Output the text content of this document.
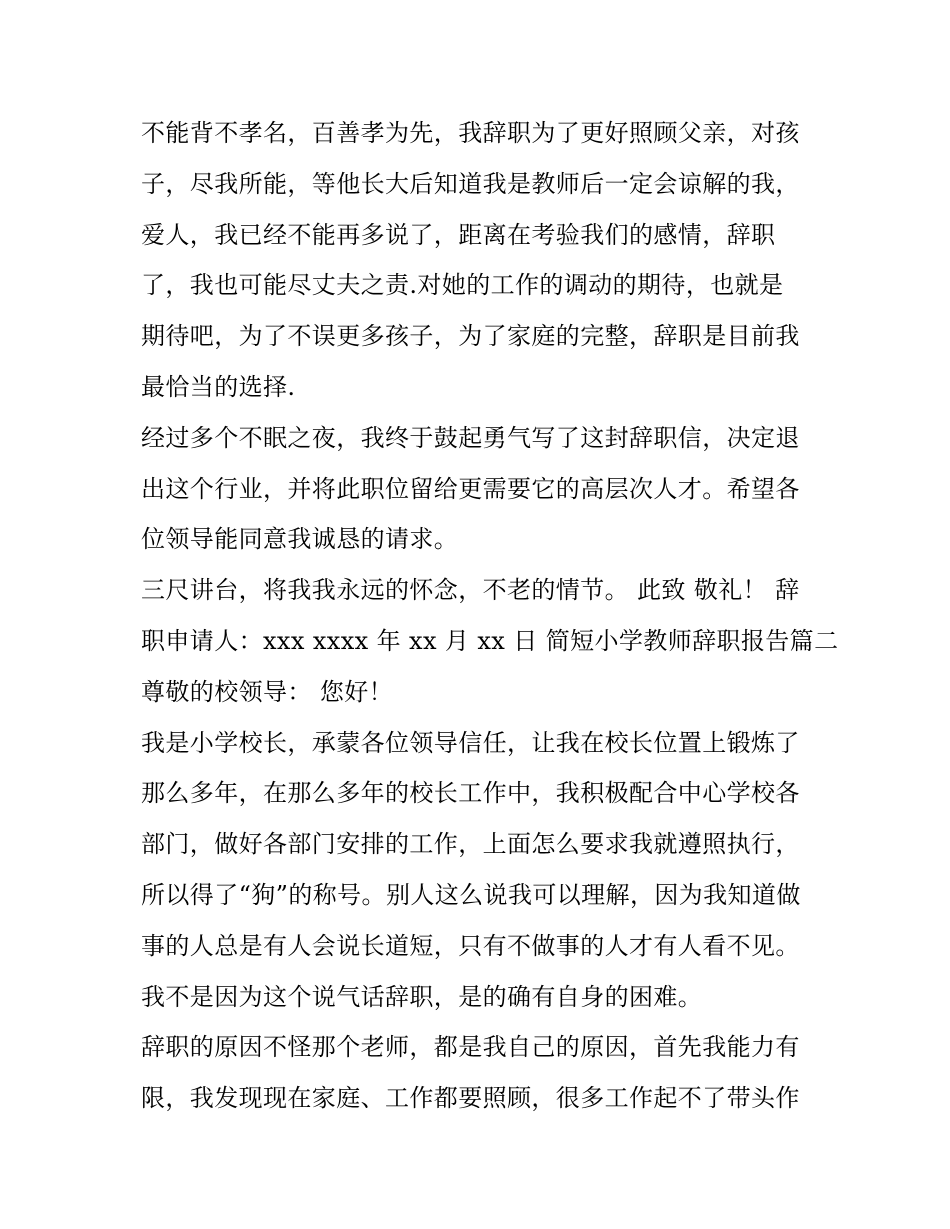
不能背不孝名，百善孝为先，我辞职为了更好照顾父亲，对孩
子，尽我所能，等他长大后知道我是教师后一定会谅解的我，
爱人，我已经不能再多说了，距离在考验我们的感情，辞职
了，我也可能尽丈夫之责.对她的工作的调动的期待，也就是
期待吧，为了不误更多孩子，为了家庭的完整，辞职是目前我
最恰当的选择.
经过多个不眠之夜，我终于鼓起勇气写了这封辞职信，决定退
出这个行业，并将此职位留给更需要它的高层次人才。希望各
位领导能同意我诚恳的请求。
三尺讲台，将我我永远的怀念，不老的情节。 此致 敬礼！ 辞
职申请人：xxx xxxx 年 xx 月 xx 日 简短小学教师辞职报告篇二
尊敬的校领导： 您好！
我是小学校长，承蒙各位领导信任，让我在校长位置上锻炼了
那么多年，在那么多年的校长工作中，我积极配合中心学校各
部门，做好各部门安排的工作，上面怎么要求我就遵照执行，
所以得了“狗”的称号。别人这么说我可以理解，因为我知道做
事的人总是有人会说长道短，只有不做事的人才有人看不见。
我不是因为这个说气话辞职，是的确有自身的困难。
辞职的原因不怪那个老师，都是我自己的原因，首先我能力有
限，我发现现在家庭、工作都要照顾，很多工作起不了带头作
